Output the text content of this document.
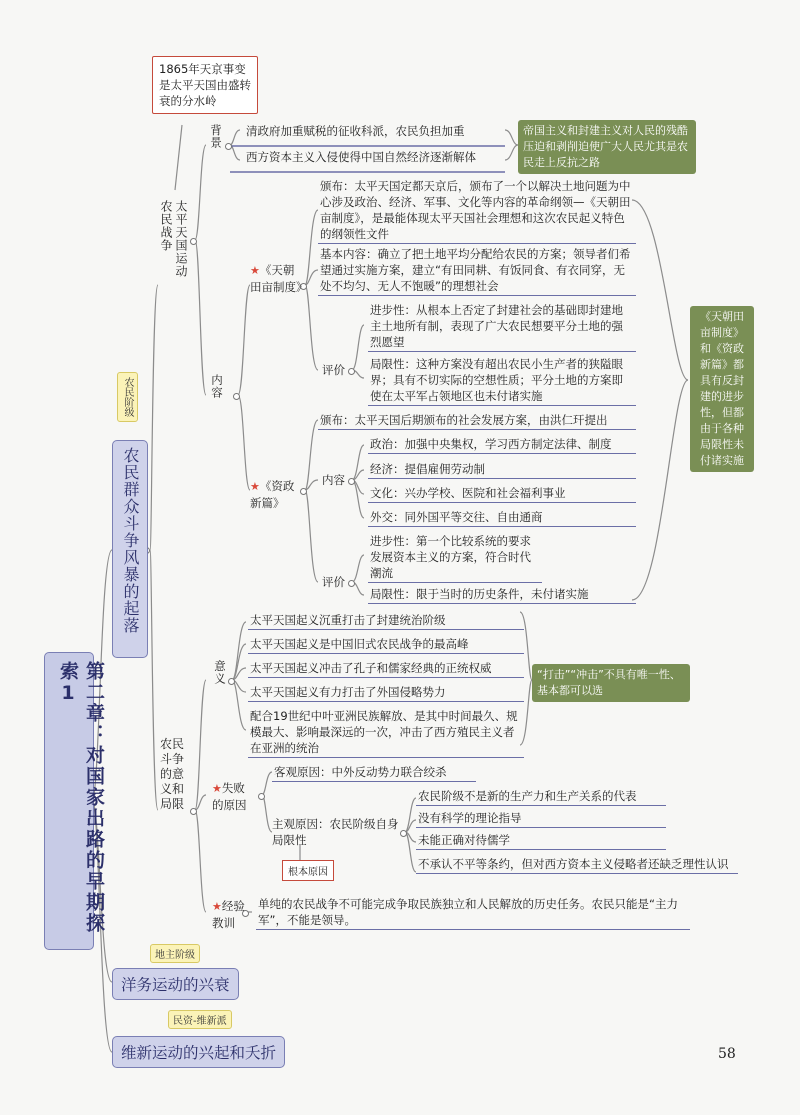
第二章：对国家出路的早期探索1
农民阶级
农民群众斗争风暴的起落
地主阶级
洋务运动的兴衰
民资-维新派
维新运动的兴起和夭折
1865年天京事变是太平天国由盛转衰的分水岭
太平天国运动农民战争
背景 清政府加重赋税的征收科派，农民负担加重
西方资本主义入侵使得中国自然经济逐渐解体
帝国主义和封建主义对人民的残酷压迫和剥削迫使广大人民尤其是农民走上反抗之路
内容
★《天朝田亩制度》
颁布：太平天国定都天京后，颁布了一个以解决土地问题为中心涉及政治、经济、军事、文化等内容的革命纲领—《天朝田亩制度》，是最能体现太平天国社会理想和这次农民起义特色的纲领性文件
基本内容：确立了把土地平均分配给农民的方案；领导者们希望通过实施方案，建立“有田同耕、有饭同食、有衣同穿，无处不均匀、无人不饱暖”的理想社会
评价
进步性：从根本上否定了封建社会的基础即封建地主土地所有制，表现了广大农民想要平分土地的强烈愿望
局限性：这种方案没有超出农民小生产者的狭隘眼界；具有不切实际的空想性质；平分土地的方案即使在太平军占领地区也未付诸实施
★《资政新篇》
颁布：太平天国后期颁布的社会发展方案，由洪仁玕提出
内容
政治：加强中央集权，学习西方制定法律、制度
经济：提倡雇佣劳动制
文化：兴办学校、医院和社会福利事业
外交：同外国平等交往、自由通商
评价
进步性：第一个比较系统的要求发展资本主义的方案，符合时代潮流
局限性：限于当时的历史条件，未付诸实施
《天朝田亩制度》和《资政新篇》都具有反封建的进步性，但都由于各种局限性未付诸实施
农民斗争的意义和局限
意义
太平天国起义沉重打击了封建统治阶级
太平天国起义是中国旧式农民战争的最高峰
太平天国起义冲击了孔子和儒家经典的正统权威
太平天国起义有力打击了外国侵略势力
配合19世纪中叶亚洲民族解放、是其中时间最久、规模最大、影响最深远的一次，冲击了西方殖民主义者在亚洲的统治
“打击”“冲击”不具有唯一性、基本都可以选
★失败的原因
客观原因：中外反动势力联合绞杀
主观原因：农民阶级自身局限性
根本原因
农民阶级不是新的生产力和生产关系的代表
没有科学的理论指导
未能正确对待儒学
不承认不平等条约，但对西方资本主义侵略者还缺乏理性认识
★经验教训
单纯的农民战争不可能完成争取民族独立和人民解放的历史任务。农民只能是“主力军”，不能是领导。
58
